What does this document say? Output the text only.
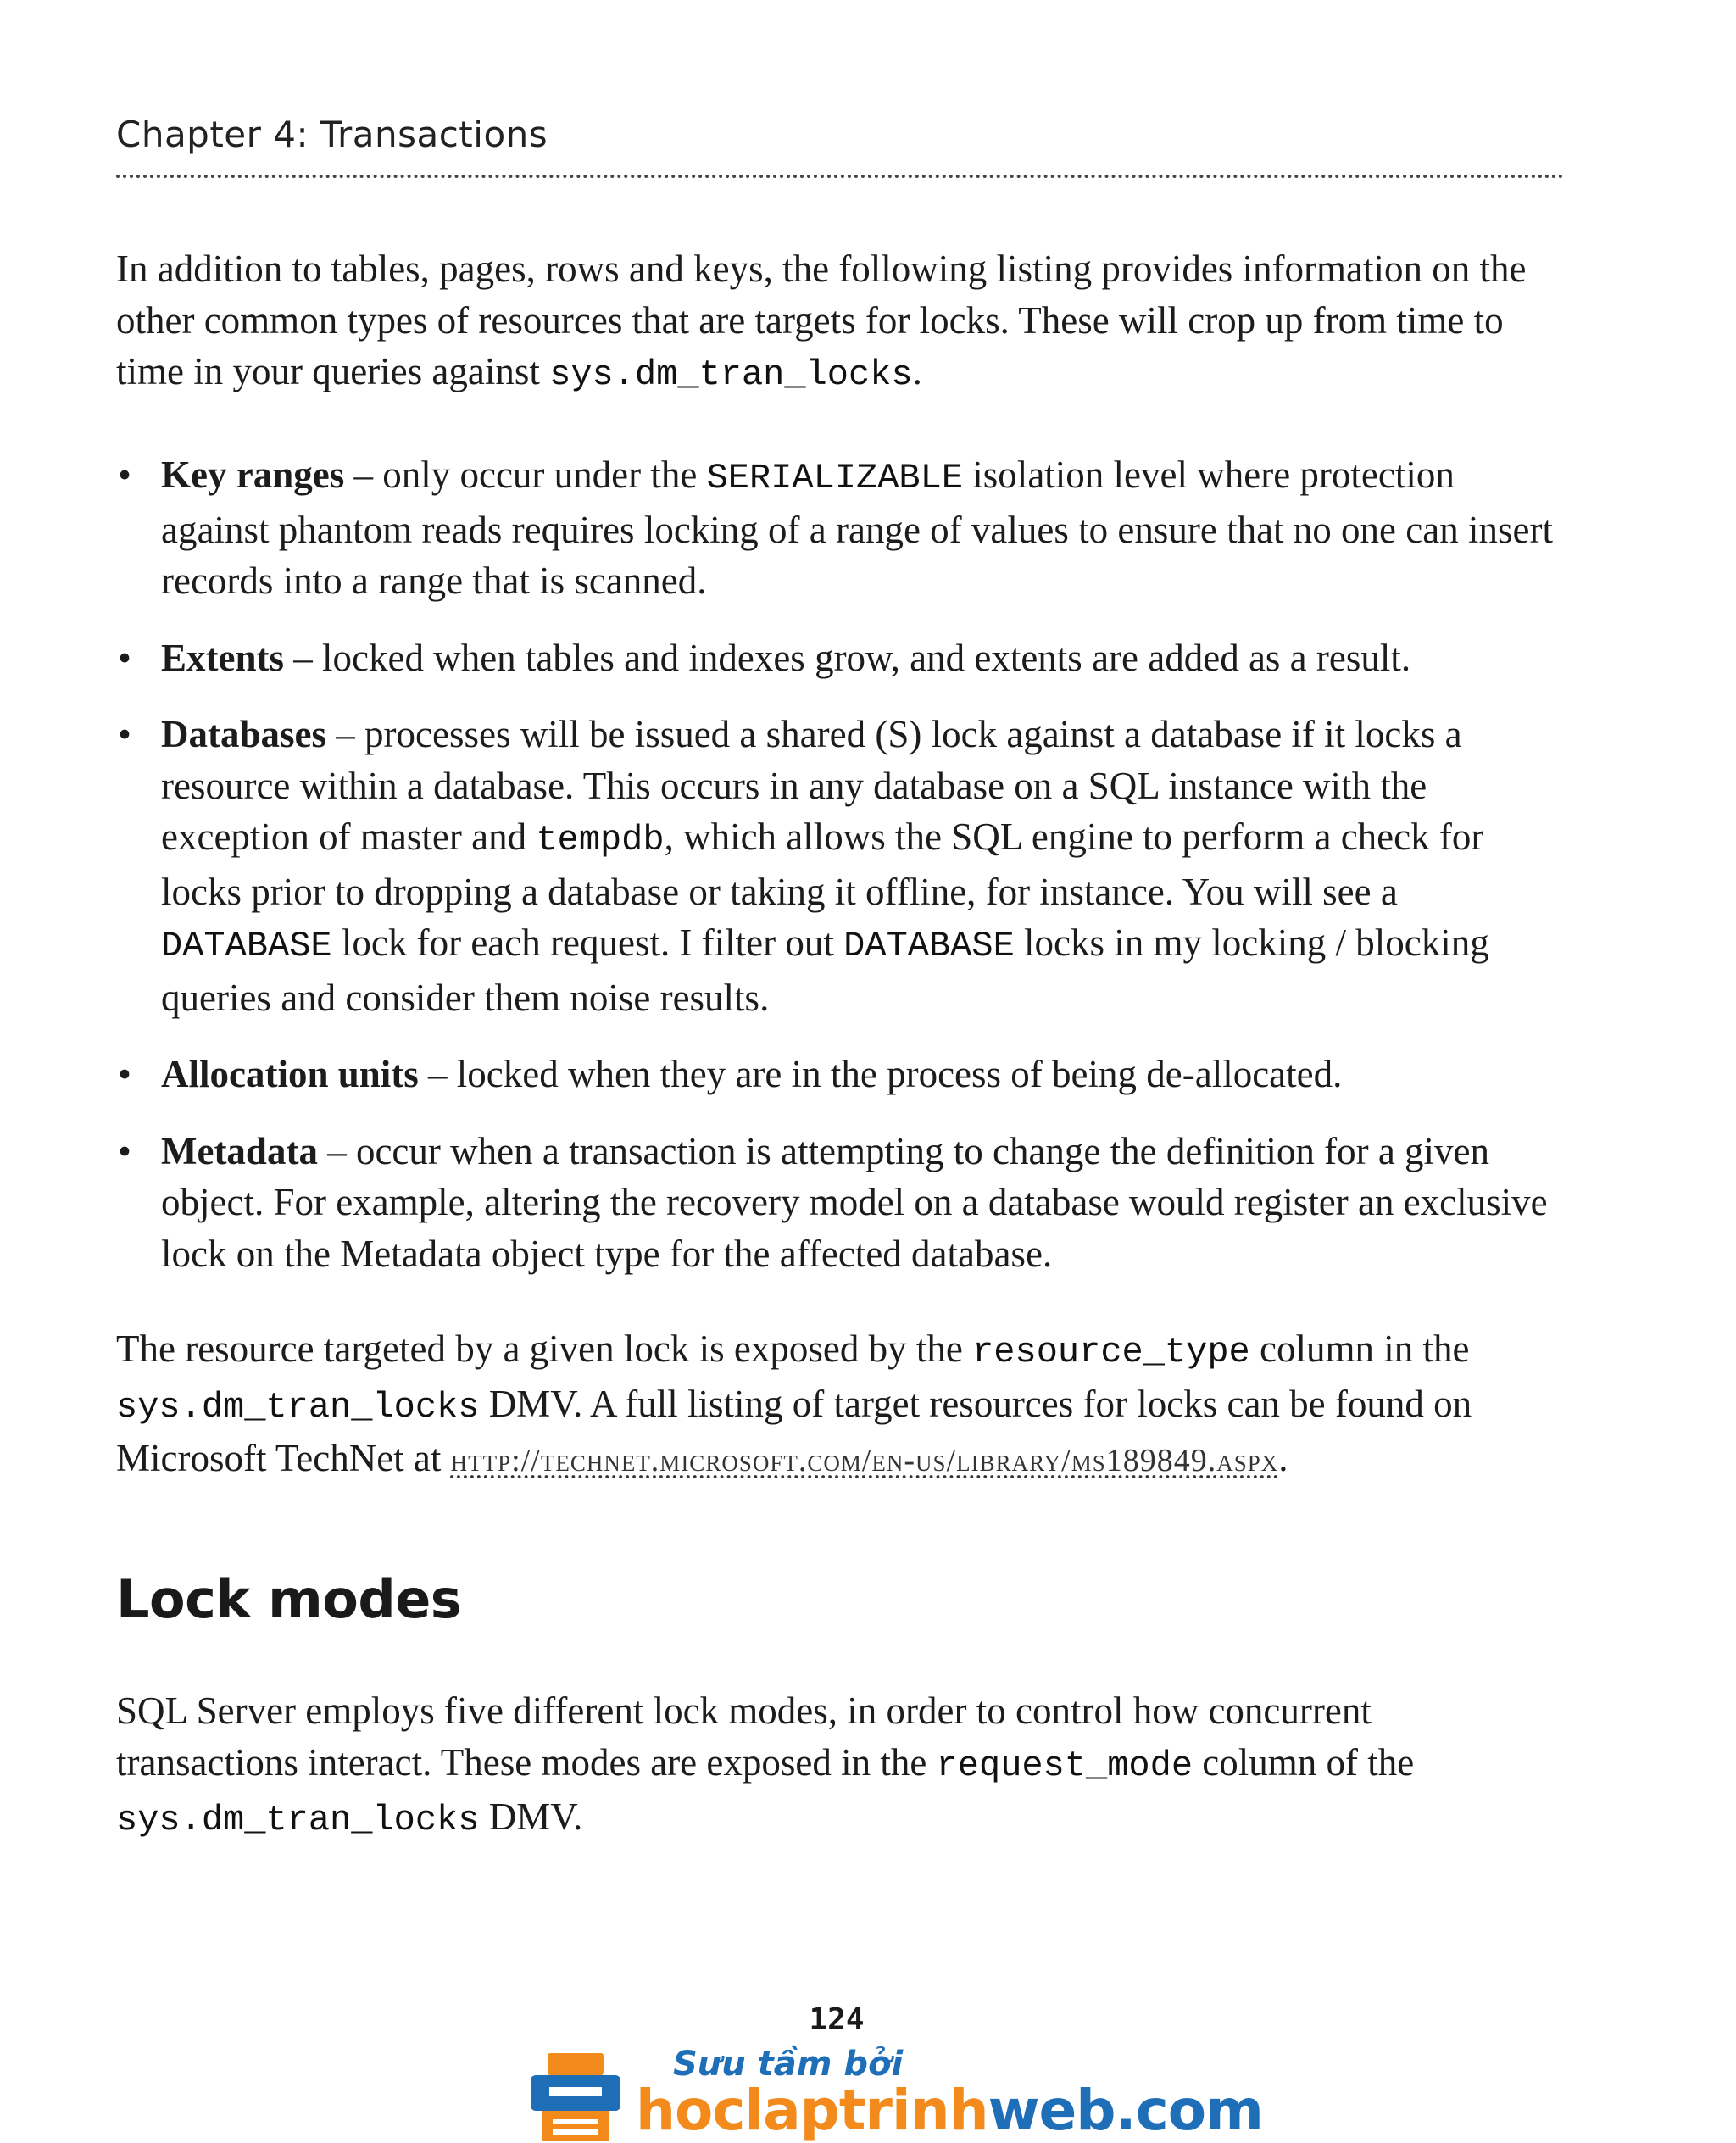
Chapter 4: Transactions

In addition to tables, pages, rows and keys, the following listing provides information on the other common types of resources that are targets for locks. These will crop up from time to time in your queries against sys.dm_tran_locks.

• Key ranges – only occur under the SERIALIZABLE isolation level where protection against phantom reads requires locking of a range of values to ensure that no one can insert records into a range that is scanned.
• Extents – locked when tables and indexes grow, and extents are added as a result.
• Databases – processes will be issued a shared (S) lock against a database if it locks a resource within a database. This occurs in any database on a SQL instance with the exception of master and tempdb, which allows the SQL engine to perform a check for locks prior to dropping a database or taking it offline, for instance. You will see a DATABASE lock for each request. I filter out DATABASE locks in my locking / blocking queries and consider them noise results.
• Allocation units – locked when they are in the process of being de-allocated.
• Metadata – occur when a transaction is attempting to change the definition for a given object. For example, altering the recovery model on a database would register an exclusive lock on the Metadata object type for the affected database.

The resource targeted by a given lock is exposed by the resource_type column in the sys.dm_tran_locks DMV. A full listing of target resources for locks can be found on Microsoft TechNet at http://technet.microsoft.com/en-us/library/ms189849.aspx.

Lock modes

SQL Server employs five different lock modes, in order to control how concurrent transactions interact. These modes are exposed in the request_mode column of the sys.dm_tran_locks DMV.

124
Sưu tầm bởi
hoclaptrinhweb.com
